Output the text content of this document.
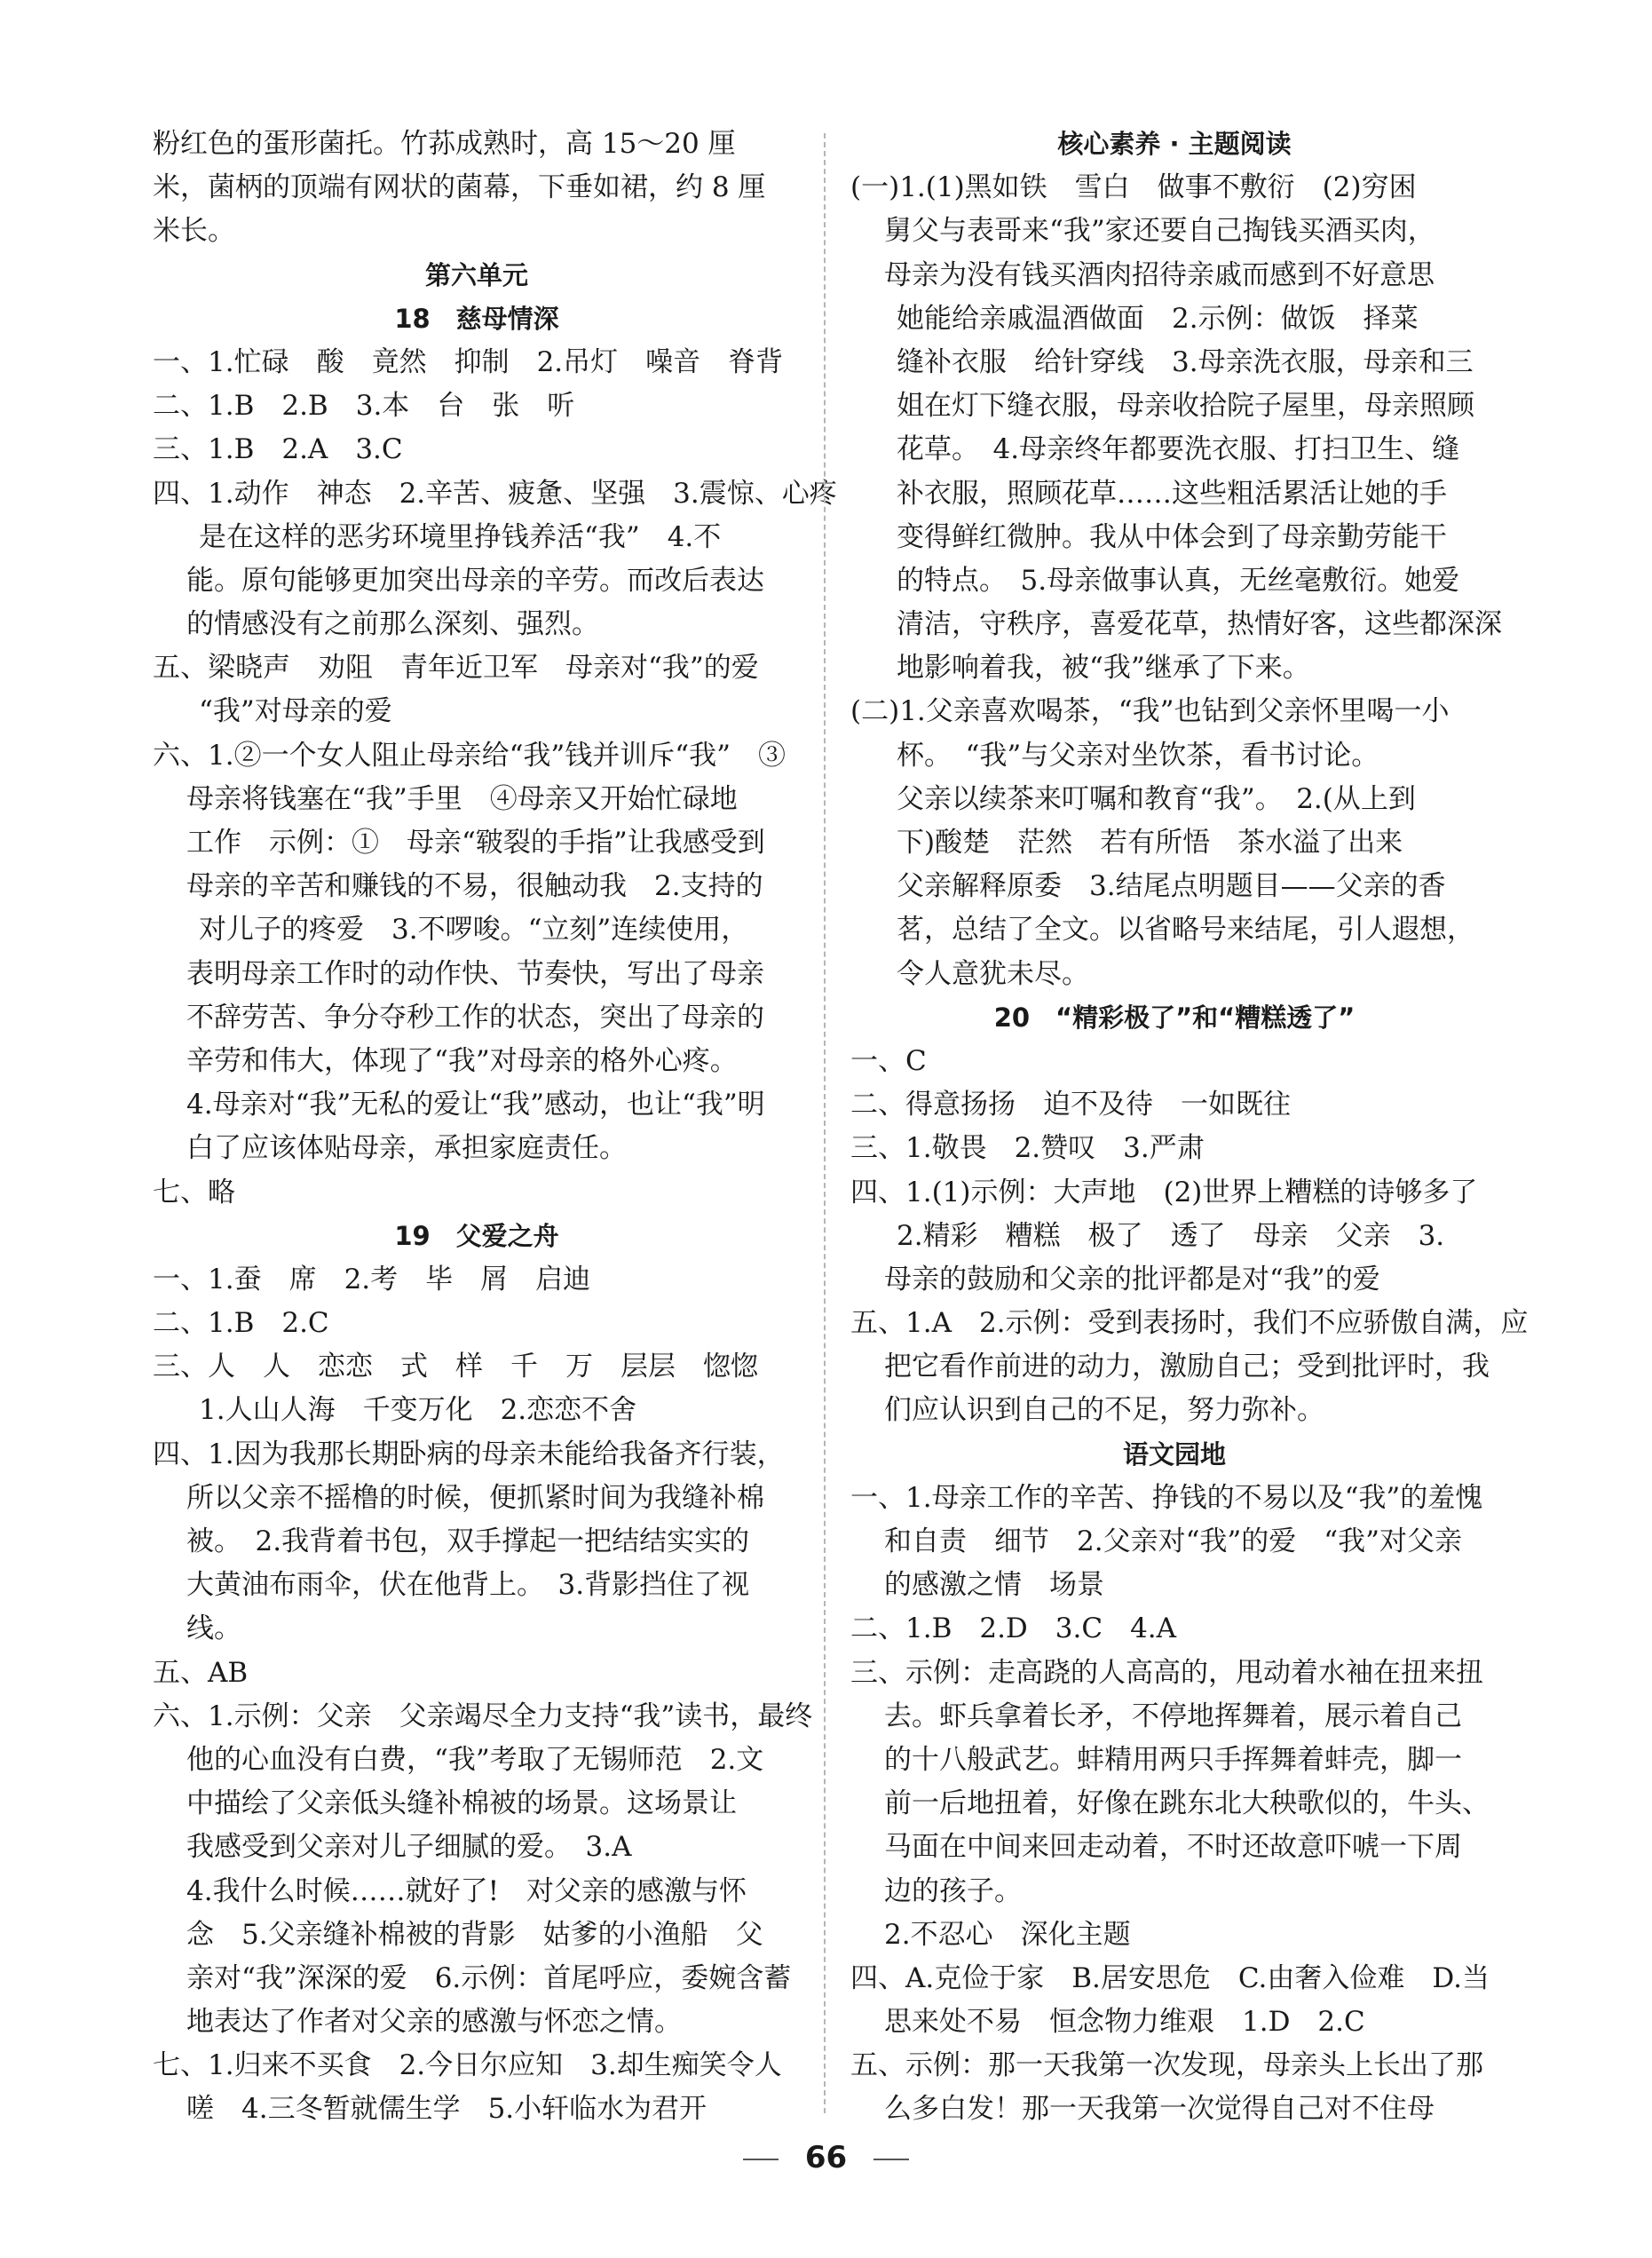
粉红色的蛋形菌托。竹荪成熟时，高 15～20 厘
米，菌柄的顶端有网状的菌幕，下垂如裙，约 8 厘
米长。
第六单元
18　慈母情深
一、1.忙碌　酸　竟然　抑制　2.吊灯　噪音　脊背
二、1.B　2.B　3.本　台　张　听
三、1.B　2.A　3.C
四、1.动作　神态　2.辛苦、疲惫、坚强　3.震惊、心疼
是在这样的恶劣环境里挣钱养活“我”　4.不
能。原句能够更加突出母亲的辛劳。而改后表达
的情感没有之前那么深刻、强烈。
五、梁晓声　劝阻　青年近卫军　母亲对“我”的爱
“我”对母亲的爱
六、1.②一个女人阻止母亲给“我”钱并训斥“我”　③
母亲将钱塞在“我”手里　④母亲又开始忙碌地
工作　示例：①　母亲“皲裂的手指”让我感受到
母亲的辛苦和赚钱的不易，很触动我　2.支持的
对儿子的疼爱　3.不啰唆。“立刻”连续使用，
表明母亲工作时的动作快、节奏快，写出了母亲
不辞劳苦、争分夺秒工作的状态，突出了母亲的
辛劳和伟大，体现了“我”对母亲的格外心疼。
4.母亲对“我”无私的爱让“我”感动，也让“我”明
白了应该体贴母亲，承担家庭责任。
七、略
19　父爱之舟
一、1.蚕　席　2.考　毕　屑　启迪
二、1.B　2.C
三、人　人　恋恋　式　样　千　万　层层　惚惚
1.人山人海　千变万化　2.恋恋不舍
四、1.因为我那长期卧病的母亲未能给我备齐行装，
所以父亲不摇橹的时候，便抓紧时间为我缝补棉
被。　2.我背着书包，双手撑起一把结结实实的
大黄油布雨伞，伏在他背上。　3.背影挡住了视
线。
五、AB
六、1.示例：父亲　父亲竭尽全力支持“我”读书，最终
他的心血没有白费，“我”考取了无锡师范　2.文
中描绘了父亲低头缝补棉被的场景。这场景让
我感受到父亲对儿子细腻的爱。　3.A
4.我什么时候……就好了!　对父亲的感激与怀
念　5.父亲缝补棉被的背影　姑爹的小渔船　父
亲对“我”深深的爱　6.示例：首尾呼应，委婉含蓄
地表达了作者对父亲的感激与怀恋之情。
七、1.归来不买食　2.今日尔应知　3.却生痴笑令人
嗟　4.三冬暂就儒生学　5.小轩临水为君开
核心素养 · 主题阅读
(一)1.(1)黑如铁　雪白　做事不敷衍　(2)穷困
舅父与表哥来“我”家还要自己掏钱买酒买肉，
母亲为没有钱买酒肉招待亲戚而感到不好意思
她能给亲戚温酒做面　2.示例：做饭　择菜
缝补衣服　给针穿线　3.母亲洗衣服，母亲和三
姐在灯下缝衣服，母亲收拾院子屋里，母亲照顾
花草。　4.母亲终年都要洗衣服、打扫卫生、缝
补衣服，照顾花草……这些粗活累活让她的手
变得鲜红微肿。我从中体会到了母亲勤劳能干
的特点。　5.母亲做事认真，无丝毫敷衍。她爱
清洁，守秩序，喜爱花草，热情好客，这些都深深
地影响着我，被“我”继承了下来。
(二)1.父亲喜欢喝茶，“我”也钻到父亲怀里喝一小
杯。　“我”与父亲对坐饮茶，看书讨论。
父亲以续茶来叮嘱和教育“我”。　2.(从上到
下)酸楚　茫然　若有所悟　茶水溢了出来
父亲解释原委　3.结尾点明题目——父亲的香
茗，总结了全文。以省略号来结尾，引人遐想，
令人意犹未尽。
20　“精彩极了”和“糟糕透了”
一、C
二、得意扬扬　迫不及待　一如既往
三、1.敬畏　2.赞叹　3.严肃
四、1.(1)示例：大声地　(2)世界上糟糕的诗够多了
2.精彩　糟糕　极了　透了　母亲　父亲　3.
母亲的鼓励和父亲的批评都是对“我”的爱
五、1.A　2.示例：受到表扬时，我们不应骄傲自满，应
把它看作前进的动力，激励自己；受到批评时，我
们应认识到自己的不足，努力弥补。
语文园地
一、1.母亲工作的辛苦、挣钱的不易以及“我”的羞愧
和自责　细节　2.父亲对“我”的爱　“我”对父亲
的感激之情　场景
二、1.B　2.D　3.C　4.A
三、示例：走高跷的人高高的，甩动着水袖在扭来扭
去。虾兵拿着长矛，不停地挥舞着，展示着自己
的十八般武艺。蚌精用两只手挥舞着蚌壳，脚一
前一后地扭着，好像在跳东北大秧歌似的，牛头、
马面在中间来回走动着，不时还故意吓唬一下周
边的孩子。
2.不忍心　深化主题
四、A.克俭于家　B.居安思危　C.由奢入俭难　D.当
思来处不易　恒念物力维艰　1.D　2.C
五、示例：那一天我第一次发现，母亲头上长出了那
么多白发！那一天我第一次觉得自己对不住母
66
